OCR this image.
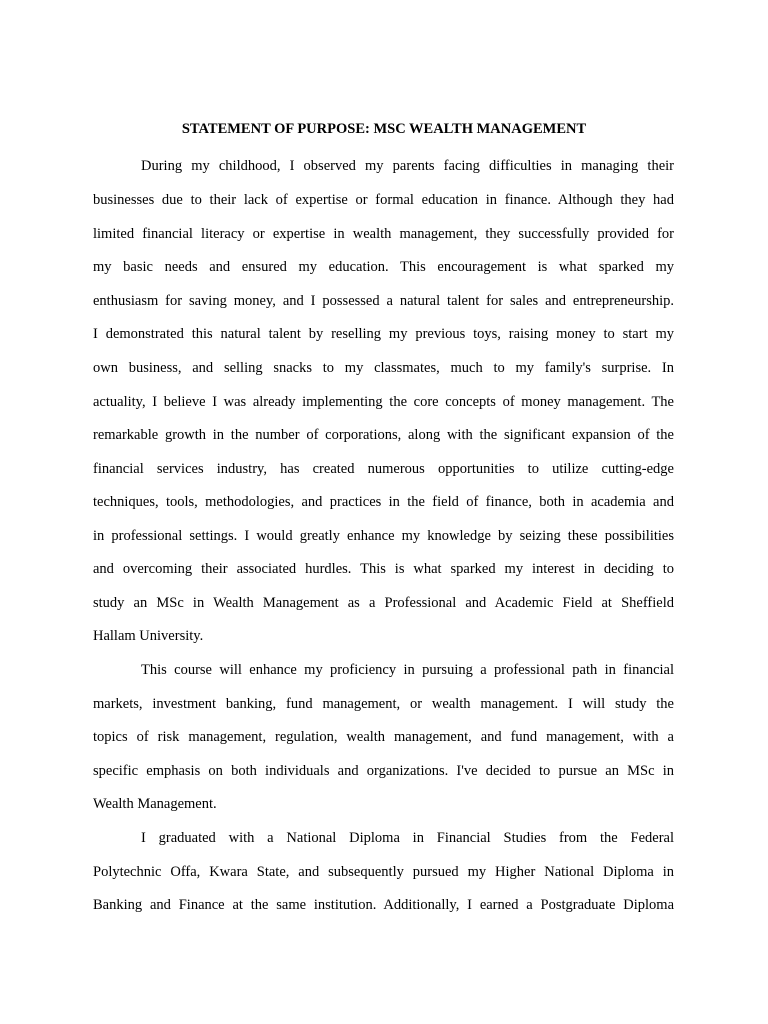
STATEMENT OF PURPOSE: MSC WEALTH MANAGEMENT
During my childhood, I observed my parents facing difficulties in managing their
businesses due to their lack of expertise or formal education in finance. Although they had
limited financial literacy or expertise in wealth management, they successfully provided for
my basic needs and ensured my education. This encouragement is what sparked my
enthusiasm for saving money, and I possessed a natural talent for sales and entrepreneurship.
I demonstrated this natural talent by reselling my previous toys, raising money to start my
own business, and selling snacks to my classmates, much to my family's surprise. In
actuality, I believe I was already implementing the core concepts of money management. The
remarkable growth in the number of corporations, along with the significant expansion of the
financial services industry, has created numerous opportunities to utilize cutting-edge
techniques, tools, methodologies, and practices in the field of finance, both in academia and
in professional settings. I would greatly enhance my knowledge by seizing these possibilities
and overcoming their associated hurdles. This is what sparked my interest in deciding to
study an MSc in Wealth Management as a Professional and Academic Field at Sheffield
Hallam University.
This course will enhance my proficiency in pursuing a professional path in financial
markets, investment banking, fund management, or wealth management. I will study the
topics of risk management, regulation, wealth management, and fund management, with a
specific emphasis on both individuals and organizations. I've decided to pursue an MSc in
Wealth Management.
I graduated with a National Diploma in Financial Studies from the Federal
Polytechnic Offa, Kwara State, and subsequently pursued my Higher National Diploma in
Banking and Finance at the same institution. Additionally, I earned a Postgraduate Diploma
